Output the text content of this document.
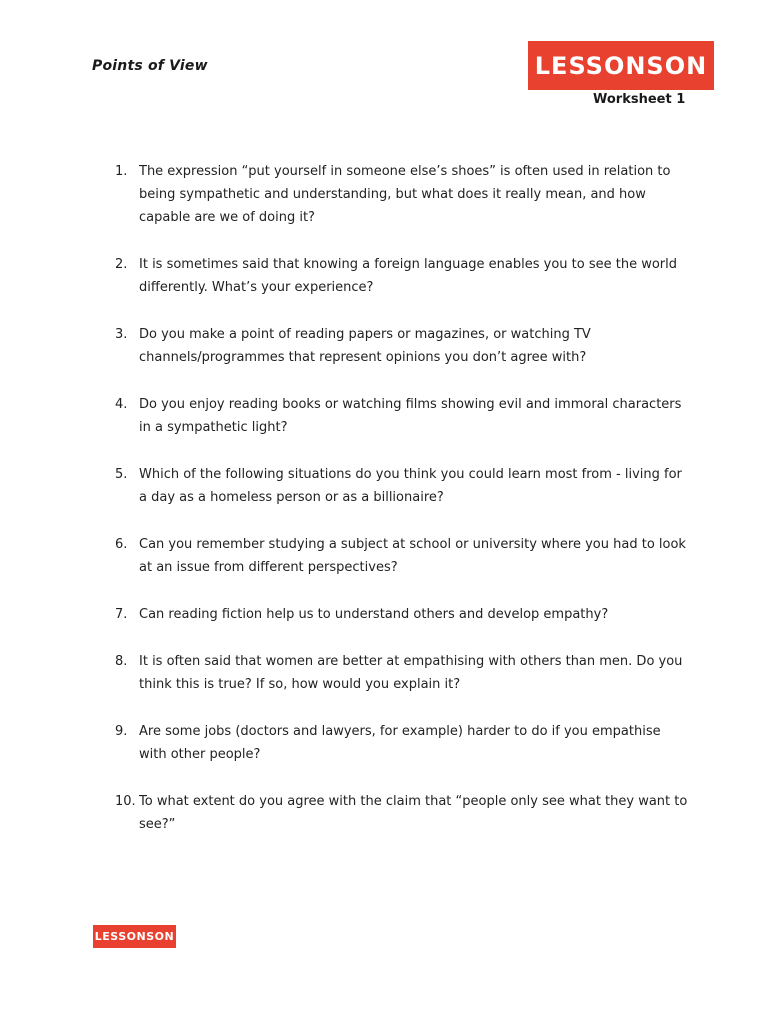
Points of View	LESSONSON
Worksheet 1
1. The expression “put yourself in someone else’s shoes” is often used in relation to being sympathetic and understanding, but what does it really mean, and how capable are we of doing it?
2. It is sometimes said that knowing a foreign language enables you to see the world differently. What’s your experience?
3. Do you make a point of reading papers or magazines, or watching TV channels/programmes that represent opinions you don’t agree with?
4. Do you enjoy reading books or watching films showing evil and immoral characters in a sympathetic light?
5. Which of the following situations do you think you could learn most from - living for a day as a homeless person or as a billionaire?
6. Can you remember studying a subject at school or university where you had to look at an issue from different perspectives?
7. Can reading fiction help us to understand others and develop empathy?
8. It is often said that women are better at empathising with others than men. Do you think this is true? If so, how would you explain it?
9. Are some jobs (doctors and lawyers, for example) harder to do if you empathise with other people?
10. To what extent do you agree with the claim that “people only see what they want to see?”
LESSONSON
